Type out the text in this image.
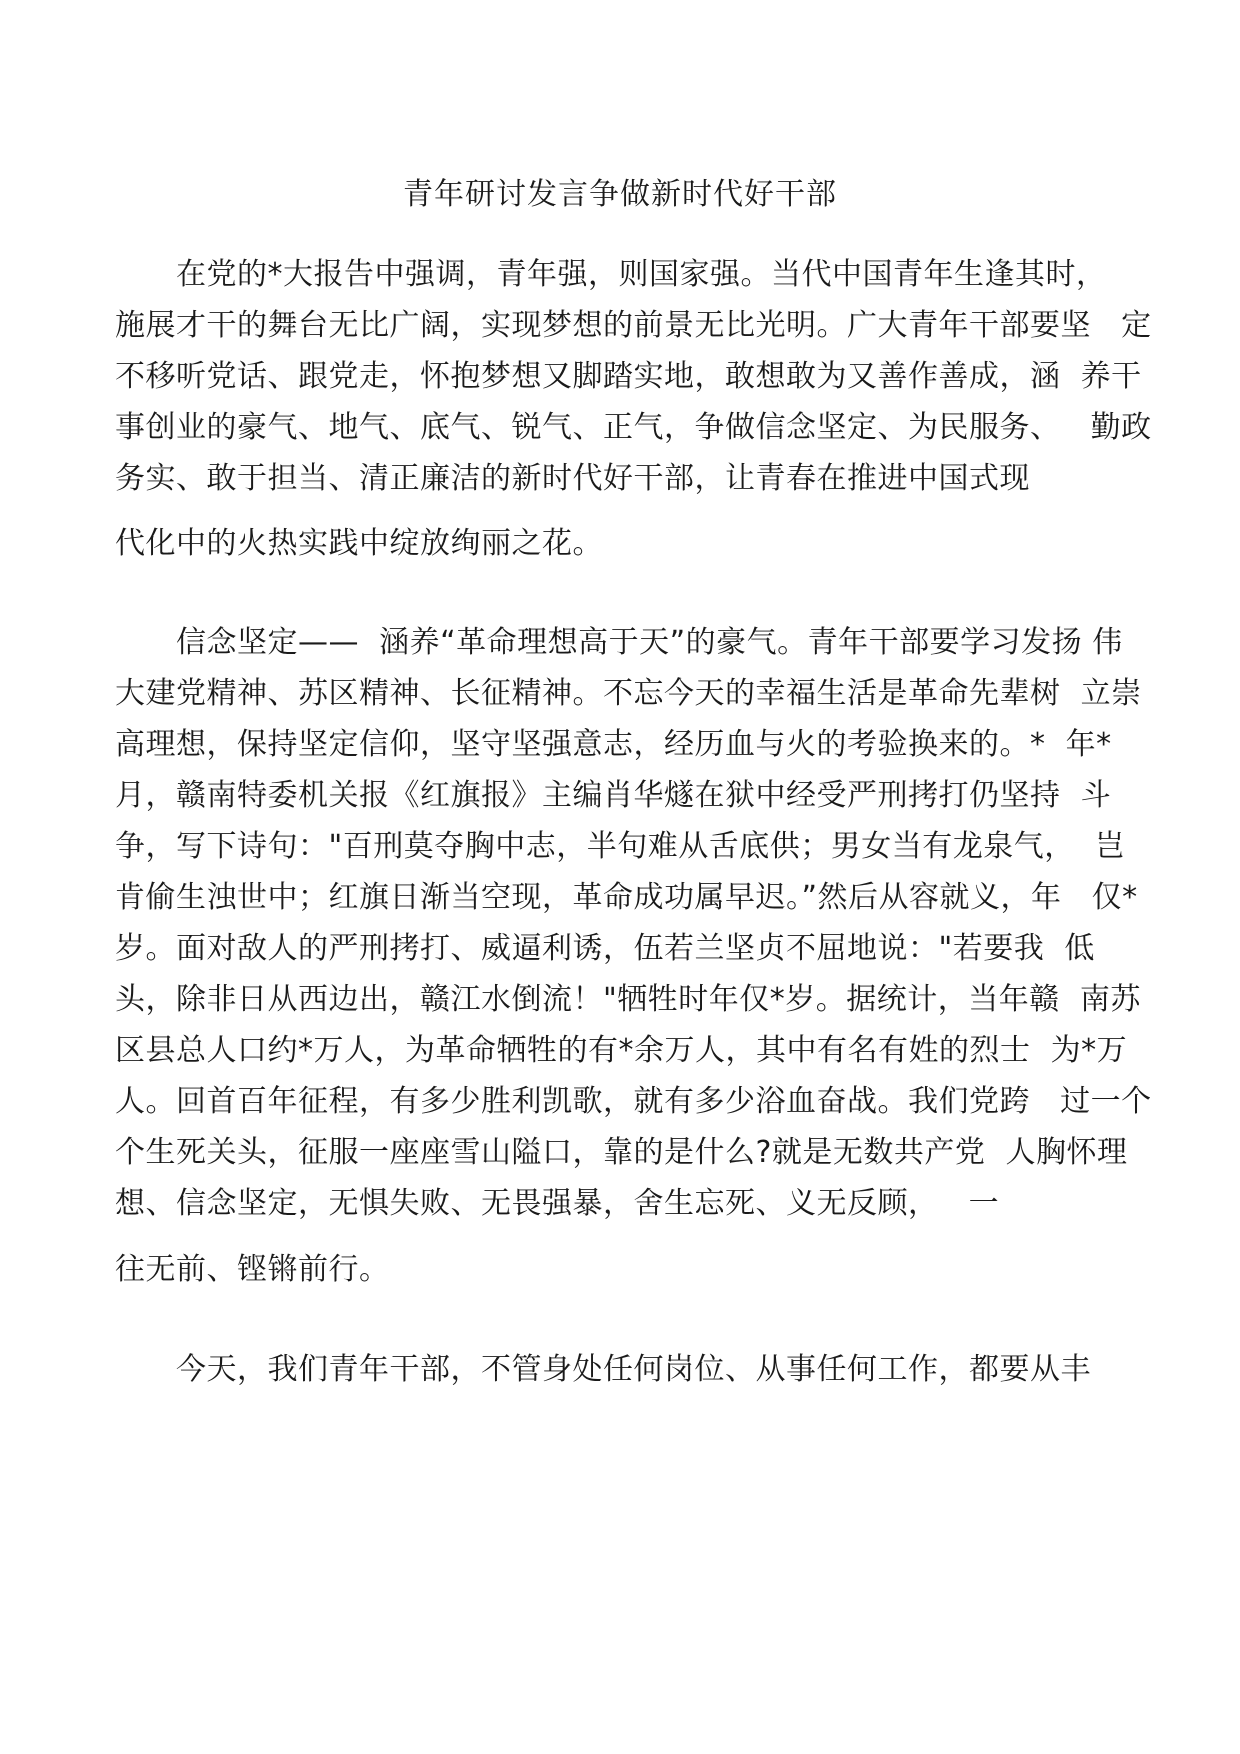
青年研讨发言争做新时代好干部
　　在党的*大报告中强调，青年强，则国家强。当代中国青年生逢其时，
施展才干的舞台无比广阔，实现梦想的前景无比光明。广大青年干部要坚   定
不移听党话、跟党走，怀抱梦想又脚踏实地，敢想敢为又善作善成，涵  养干
事创业的豪气、地气、底气、锐气、正气，争做信念坚定、为民服务、   勤政
务实、敢于担当、清正廉洁的新时代好干部，让青春在推进中国式现
代化中的火热实践中绽放绚丽之花。
　　信念坚定——  涵养“革命理想高于天”的豪气。青年干部要学习发扬 伟
大建党精神、苏区精神、长征精神。不忘今天的幸福生活是革命先辈树  立崇
高理想，保持坚定信仰，坚守坚强意志，经历血与火的考验换来的。*  年*
月，赣南特委机关报《红旗报》主编肖华燧在狱中经受严刑拷打仍坚持  斗
争，写下诗句："百刑莫夺胸中志，半句难从舌底供；男女当有龙泉气，  岂
肯偷生浊世中；红旗日渐当空现，革命成功属早迟。”然后从容就义，年   仅*
岁。面对敌人的严刑拷打、威逼利诱，伍若兰坚贞不屈地说："若要我  低
头，除非日从西边出，赣江水倒流！"牺牲时年仅*岁。据统计，当年赣  南苏
区县总人口约*万人，为革命牺牲的有*余万人，其中有名有姓的烈士  为*万
人。回首百年征程，有多少胜利凯歌，就有多少浴血奋战。我们党跨   过一个
个生死关头，征服一座座雪山隘口，靠的是什么?就是无数共产党  人胸怀理
想、信念坚定，无惧失败、无畏强暴，舍生忘死、义无反顾，   一
往无前、铿锵前行。
　　今天，我们青年干部，不管身处任何岗位、从事任何工作，都要从丰
